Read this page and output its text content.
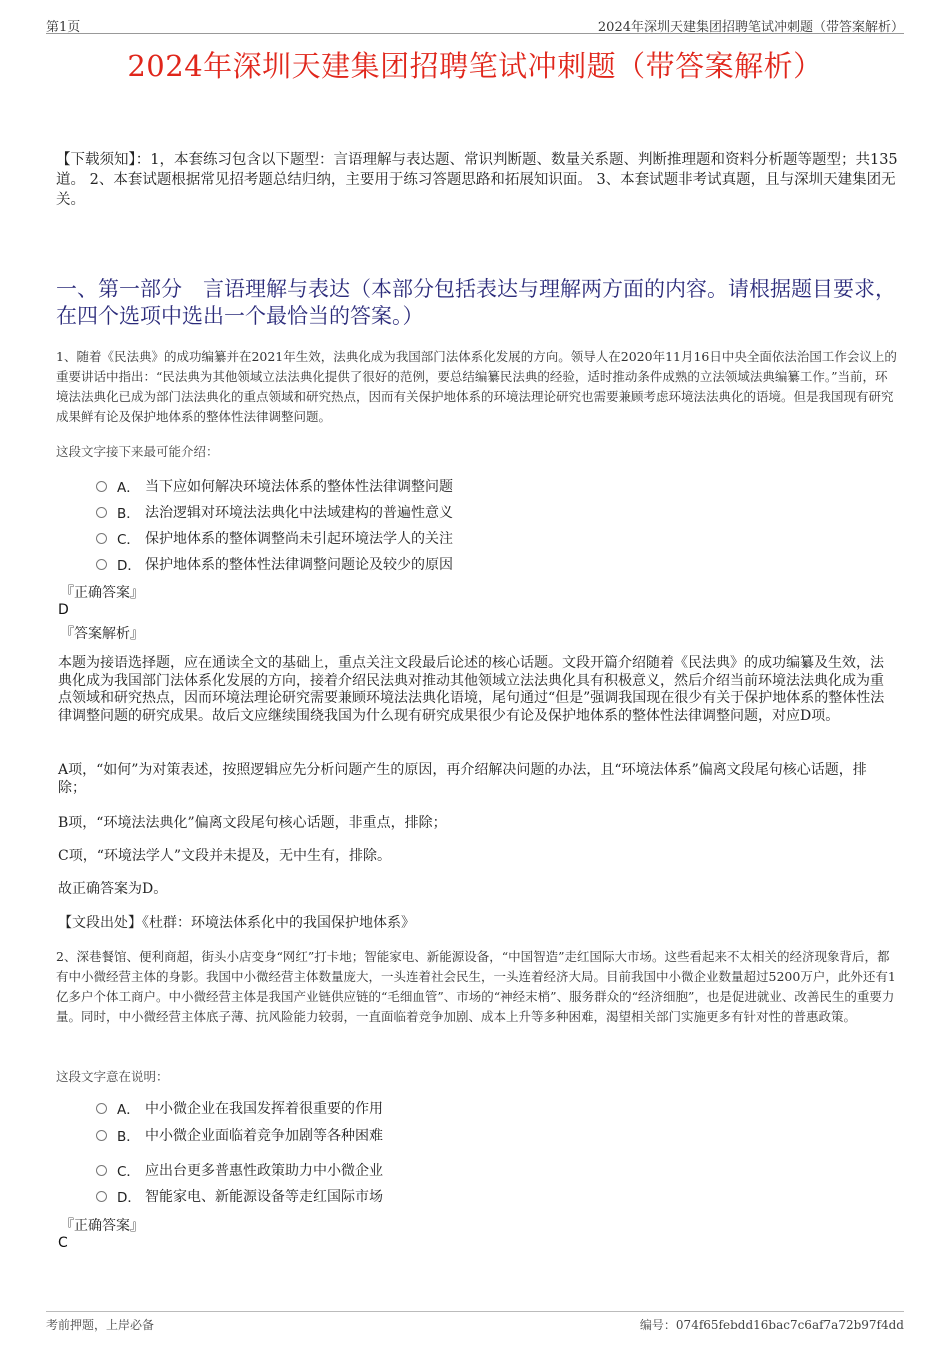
第1页	2024年深圳天建集团招聘笔试冲刺题（带答案解析）
2024年深圳天建集团招聘笔试冲刺题（带答案解析）
【下载须知】：1，本套练习包含以下题型：言语理解与表达题、常识判断题、数量关系题、判断推理题和资料分析题等题型；共135道。 2、本套试题根据常见招考题总结归纳，主要用于练习答题思路和拓展知识面。 3、本套试题非考试真题，且与深圳天建集团无关。
一、第一部分　言语理解与表达（本部分包括表达与理解两方面的内容。请根据题目要求，在四个选项中选出一个最恰当的答案。）
1、随着《民法典》的成功编纂并在2021年生效，法典化成为我国部门法体系化发展的方向。领导人在2020年11月16日中央全面依法治国工作会议上的重要讲话中指出：“民法典为其他领域立法法典化提供了很好的范例，要总结编纂民法典的经验，适时推动条件成熟的立法领域法典编纂工作。”当前，环境法法典化已成为部门法法典化的重点领域和研究热点，因而有关保护地体系的环境法理论研究也需要兼顾考虑环境法法典化的语境。但是我国现有研究成果鲜有论及保护地体系的整体性法律调整问题。
这段文字接下来最可能介绍：
A． 当下应如何解决环境法体系的整体性法律调整问题
B． 法治逻辑对环境法法典化中法域建构的普遍性意义
C． 保护地体系的整体调整尚未引起环境法学人的关注
D． 保护地体系的整体性法律调整问题论及较少的原因
『正确答案』
D
『答案解析』
本题为接语选择题，应在通读全文的基础上，重点关注文段最后论述的核心话题。文段开篇介绍随着《民法典》的成功编纂及生效，法典化成为我国部门法体系化发展的方向，接着介绍民法典对推动其他领域立法法典化具有积极意义，然后介绍当前环境法法典化成为重点领域和研究热点，因而环境法理论研究需要兼顾环境法法典化语境，尾句通过“但是”强调我国现在很少有关于保护地体系的整体性法律调整问题的研究成果。故后文应继续围绕我国为什么现有研究成果很少有论及保护地体系的整体性法律调整问题，对应D项。
A项，“如何”为对策表述，按照逻辑应先分析问题产生的原因，再介绍解决问题的办法，且“环境法体系”偏离文段尾句核心话题，排除；
B项，“环境法法典化”偏离文段尾句核心话题，非重点，排除；
C项，“环境法学人”文段并未提及，无中生有，排除。
故正确答案为D。
【文段出处】《杜群：环境法体系化中的我国保护地体系》
2、深巷餐馆、便利商超，街头小店变身“网红”打卡地；智能家电、新能源设备，“中国智造”走红国际大市场。这些看起来不太相关的经济现象背后，都有中小微经营主体的身影。我国中小微经营主体数量庞大，一头连着社会民生，一头连着经济大局。目前我国中小微企业数量超过5200万户，此外还有1亿多户个体工商户。中小微经营主体是我国产业链供应链的“毛细血管”、市场的“神经末梢”、服务群众的“经济细胞”，也是促进就业、改善民生的重要力量。同时，中小微经营主体底子薄、抗风险能力较弱，一直面临着竞争加剧、成本上升等多种困难，渴望相关部门实施更多有针对性的普惠政策。
这段文字意在说明：
A． 中小微企业在我国发挥着很重要的作用
B． 中小微企业面临着竞争加剧等各种困难
C． 应出台更多普惠性政策助力中小微企业
D． 智能家电、新能源设备等走红国际市场
『正确答案』
C
考前押题，上岸必备	编号：074f65febdd16bac7c6af7a72b97f4dd
